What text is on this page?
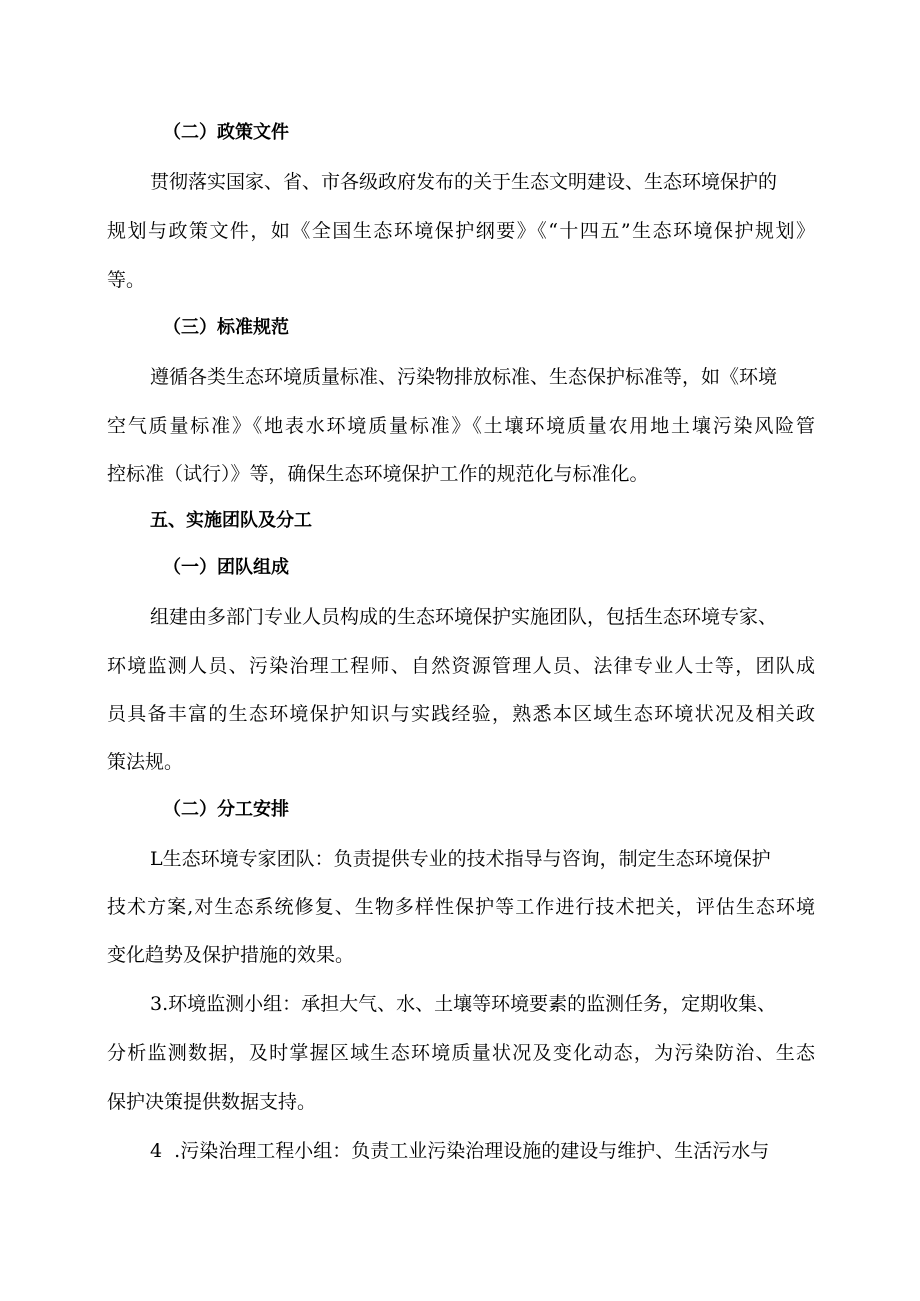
（二）政策文件
贯彻落实国家、省、市各级政府发布的关于生态文明建设、生态环境保护的
规划与政策文件，如《全国生态环境保护纲要》《“十四五”生态环境保护规划》
等。
（三）标准规范
遵循各类生态环境质量标准、污染物排放标准、生态保护标准等，如《环境
空气质量标准》《地表水环境质量标准》《土壤环境质量农用地土壤污染风险管
控标准（试行）》等，确保生态环境保护工作的规范化与标准化。
五、实施团队及分工
（一）团队组成
组建由多部门专业人员构成的生态环境保护实施团队，包括生态环境专家、
环境监测人员、污染治理工程师、自然资源管理人员、法律专业人士等，团队成
员具备丰富的生态环境保护知识与实践经验，熟悉本区域生态环境状况及相关政
策法规。
（二）分工安排
L生态环境专家团队：负责提供专业的技术指导与咨询，制定生态环境保护
技术方案,对生态系统修复、生物多样性保护等工作进行技术把关，评估生态环境
变化趋势及保护措施的效果。
3.环境监测小组：承担大气、水、土壤等环境要素的监测任务，定期收集、
分析监测数据，及时掌握区域生态环境质量状况及变化动态，为污染防治、生态
保护决策提供数据支持。
4  .污染治理工程小组：负责工业污染治理设施的建设与维护、生活污水与
